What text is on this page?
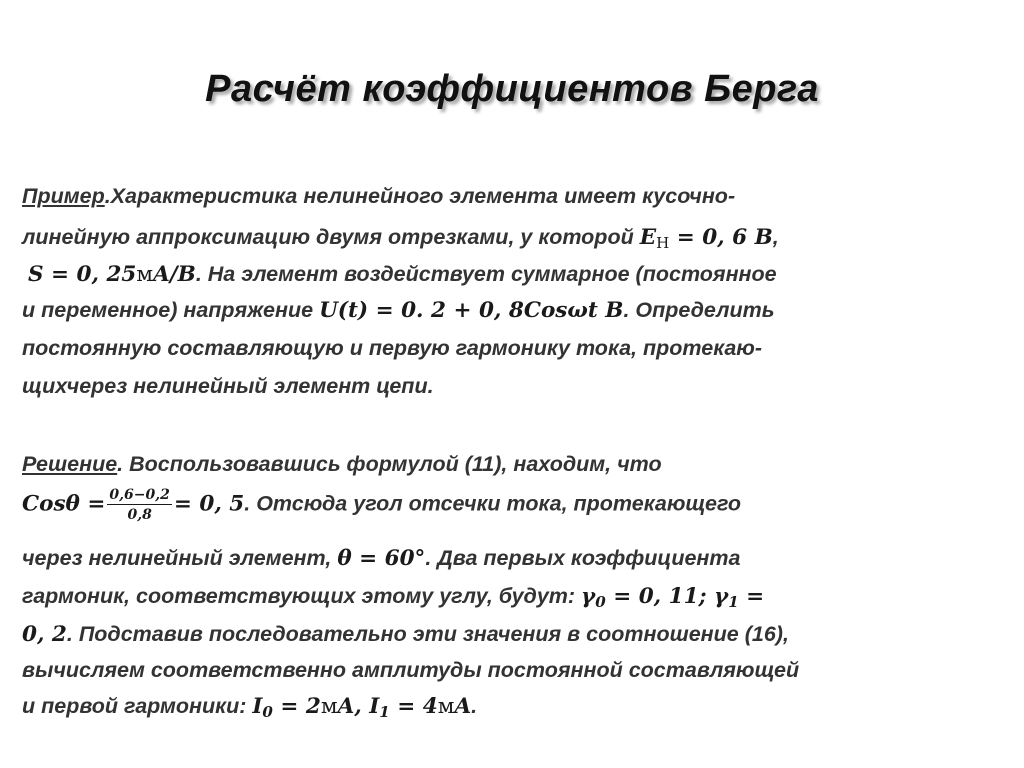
Расчёт коэффициентов Берга
Пример.Характеристика нелинейного элемента имеет кусочно-
линейную аппроксимацию двумя отрезками, у которой $E_Н = 0$, 6 B,
S = 0, 25мA/B. На элемент воздействует суммарное (постоянное
и переменное) напряжение U(t) = 0. 2 + 0, 8Cosωt B. Определить
постоянную составляющую и первую гармонику тока, протекаю-
щихчерез нелинейный элемент цепи.
Решение. Воспользовавшись формулой (11), находим, что
$Cos\theta = \frac{0,6-0,2}{0,8} = 0$, 5. Отсюда угол отсечки тока, протекающего
через нелинейный элемент, θ = 60°. Два первых коэффициента
гармоник, соответствующих этому углу, будут: $\gamma_0 = 0$, 11; $\gamma_1$ =
0, 2. Подставив последовательно эти значения в соотношение (16),
вычисляем соответственно амплитуды постоянной составляющей
и первой гармоники: $I_0 = 2мA$, $I_1 = 4мA$.
